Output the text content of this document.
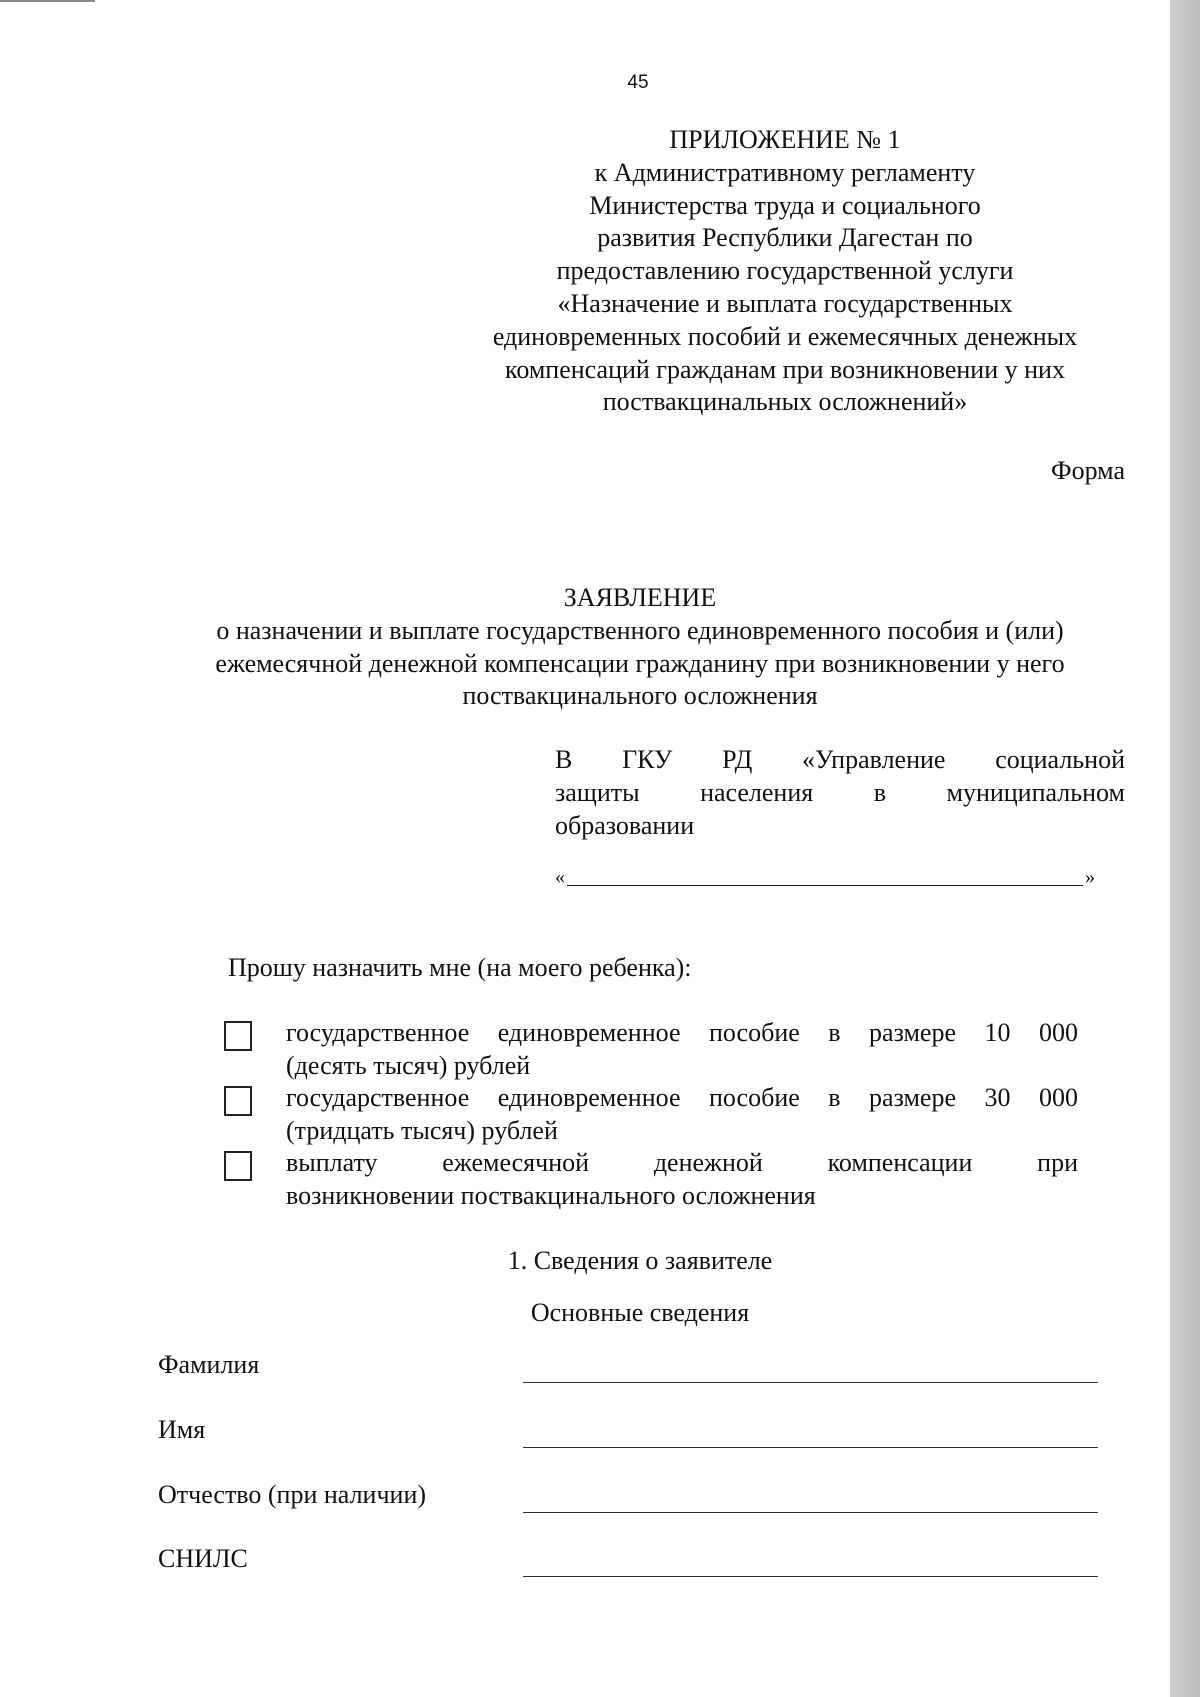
45
ПРИЛОЖЕНИЕ № 1
к Административному регламенту
Министерства труда и социального
развития Республики Дагестан по
предоставлению государственной услуги
«Назначение и выплата государственных
единовременных пособий и ежемесячных денежных
компенсаций гражданам при возникновении у них
поствакцинальных осложнений»
Форма
ЗАЯВЛЕНИЕ
о назначении и выплате государственного единовременного пособия и (или)
ежемесячной денежной компенсации гражданину при возникновении у него
поствакцинального осложнения
В ГКУ РД «Управление социальной
защиты населения в муниципальном
образовании
«	»
Прошу назначить мне (на моего ребенка):
государственное единовременное пособие в размере 10 000
(десять тысяч) рублей
государственное единовременное пособие в размере 30 000
(тридцать тысяч) рублей
выплату ежемесячной денежной компенсации при
возникновении поствакцинального осложнения
1. Сведения о заявителе
Основные сведения
Фамилия
Имя
Отчество (при наличии)
СНИЛС
